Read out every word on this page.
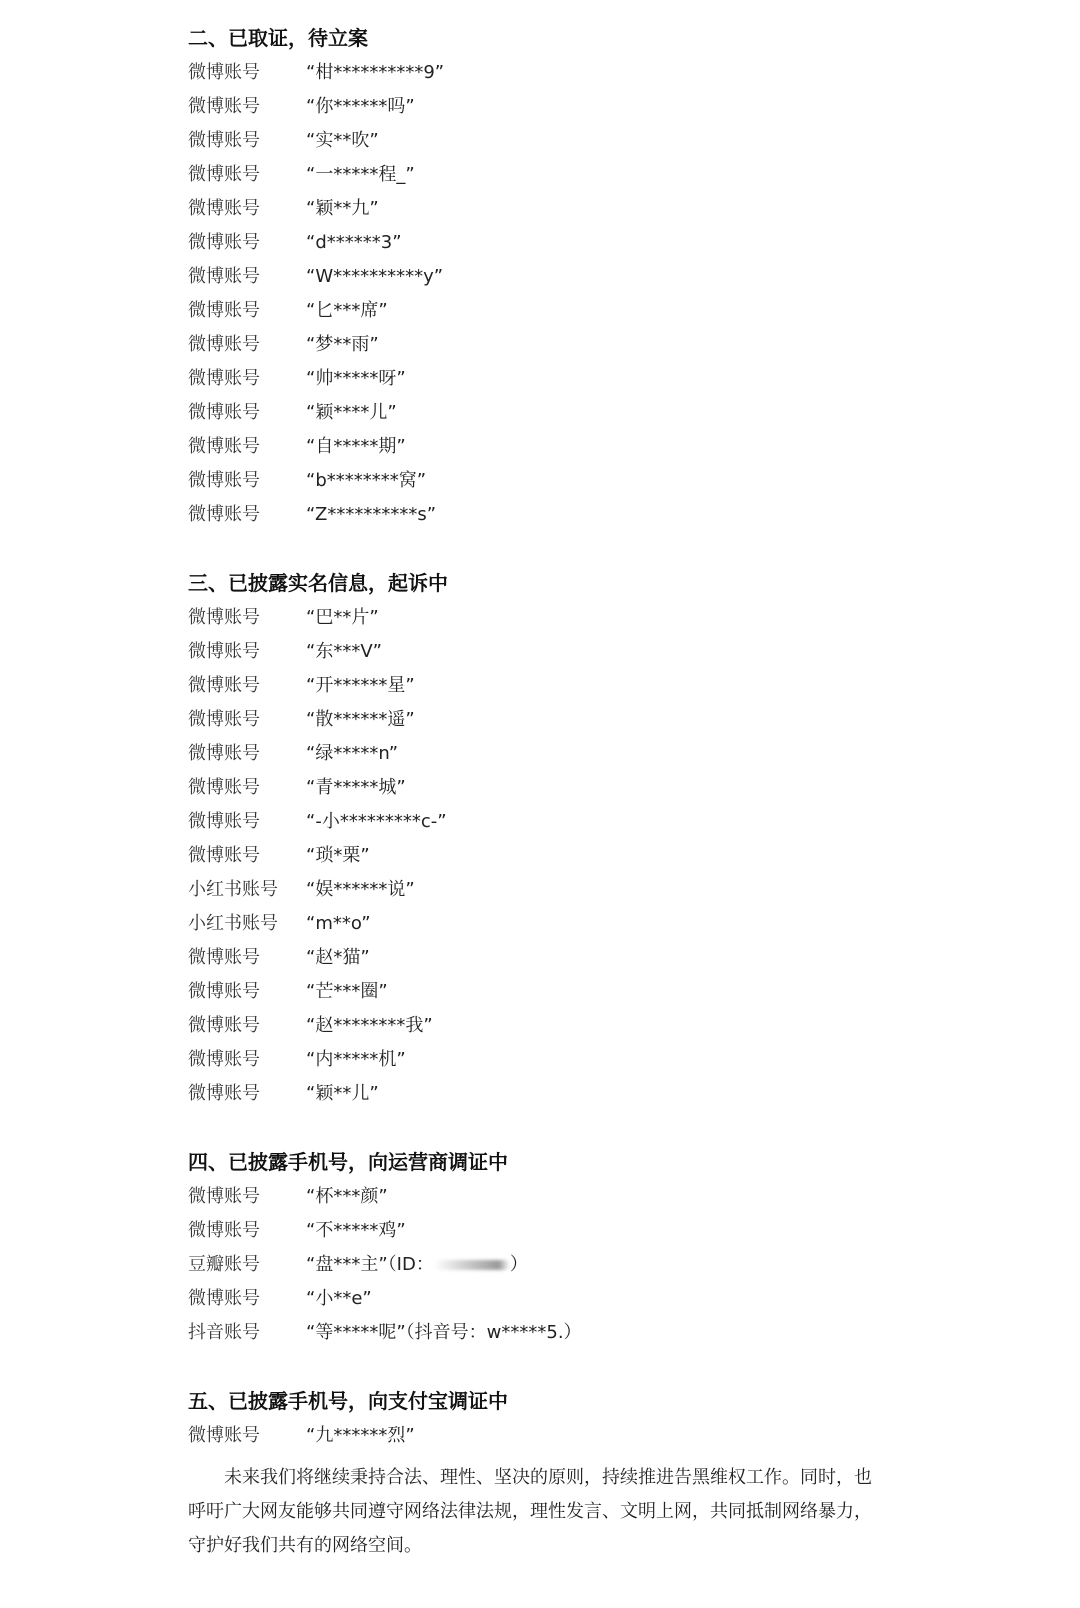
二、已取证，待立案
微博账号	“柑**********9”
微博账号	“你******吗”
微博账号	“实**吹”
微博账号	“一*****程_”
微博账号	“颖**九”
微博账号	“d******3”
微博账号	“W**********y”
微博账号	“匕***席”
微博账号	“梦**雨”
微博账号	“帅*****呀”
微博账号	“颖****儿”
微博账号	“自*****期”
微博账号	“b********窝”
微博账号	“Z**********s”
三、已披露实名信息，起诉中
微博账号	“巴**片”
微博账号	“东***V”
微博账号	“开******星”
微博账号	“散******遥”
微博账号	“绿*****n”
微博账号	“青*****城”
微博账号	“-小*********c-”
微博账号	“琐*栗”
小红书账号 “娱******说”
小红书账号 “m**o”
微博账号	“赵*猫”
微博账号	“芒***圈”
微博账号	“赵********我”
微博账号	“内*****机”
微博账号	“颖**儿”
四、已披露手机号，向运营商调证中
微博账号	“杯***颜”
微博账号	“不*****鸡”
豆瓣账号	“盘***主”（ID：	）
微博账号	“小**e”
抖音账号	“等*****呢”（抖音号：w*****5.）
五、已披露手机号，向支付宝调证中
微博账号	“九******烈”

未来我们将继续秉持合法、理性、坚决的原则，持续推进告黑维权工作。同时，也呼吁广大网友能够共同遵守网络法律法规，理性发言、文明上网，共同抵制网络暴力，守护好我们共有的网络空间。
